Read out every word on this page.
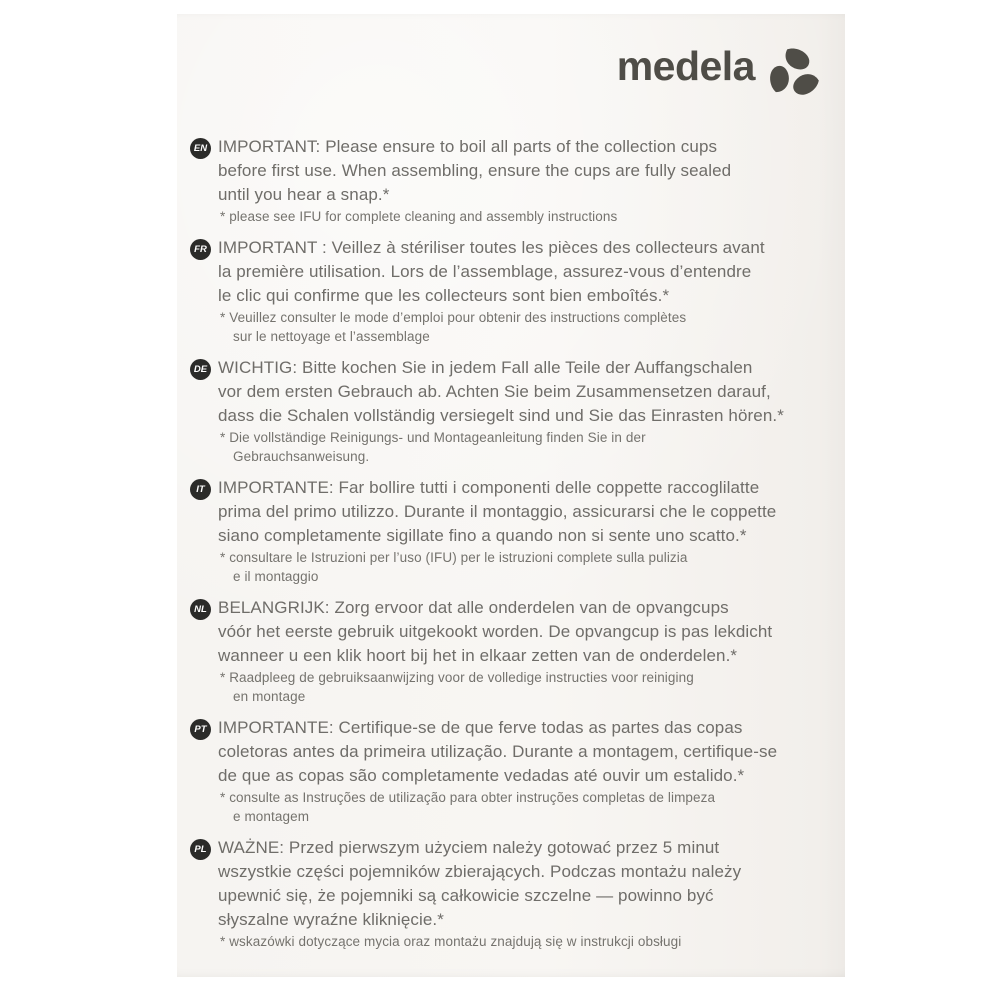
medela
EN IMPORTANT: Please ensure to boil all parts of the collection cups
before first use. When assembling, ensure the cups are fully sealed
until you hear a snap.*
* please see IFU for complete cleaning and assembly instructions
FR IMPORTANT : Veillez à stériliser toutes les pièces des collecteurs avant
la première utilisation. Lors de l’assemblage, assurez-vous d’entendre
le clic qui confirme que les collecteurs sont bien emboîtés.*
* Veuillez consulter le mode d’emploi pour obtenir des instructions complètes
sur le nettoyage et l’assemblage
DE WICHTIG: Bitte kochen Sie in jedem Fall alle Teile der Auffangschalen
vor dem ersten Gebrauch ab. Achten Sie beim Zusammensetzen darauf,
dass die Schalen vollständig versiegelt sind und Sie das Einrasten hören.*
* Die vollständige Reinigungs- und Montageanleitung finden Sie in der
Gebrauchsanweisung.
IT IMPORTANTE: Far bollire tutti i componenti delle coppette raccoglilatte
prima del primo utilizzo. Durante il montaggio, assicurarsi che le coppette
siano completamente sigillate fino a quando non si sente uno scatto.*
* consultare le Istruzioni per l’uso (IFU) per le istruzioni complete sulla pulizia
e il montaggio
NL BELANGRIJK: Zorg ervoor dat alle onderdelen van de opvangcups
vóór het eerste gebruik uitgekookt worden. De opvangcup is pas lekdicht
wanneer u een klik hoort bij het in elkaar zetten van de onderdelen.*
* Raadpleeg de gebruiksaanwijzing voor de volledige instructies voor reiniging
en montage
PT IMPORTANTE: Certifique-se de que ferve todas as partes das copas
coletoras antes da primeira utilização. Durante a montagem, certifique-se
de que as copas são completamente vedadas até ouvir um estalido.*
* consulte as Instruções de utilização para obter instruções completas de limpeza
e montagem
PL WAŻNE: Przed pierwszym użyciem należy gotować przez 5 minut
wszystkie części pojemników zbierających. Podczas montażu należy
upewnić się, że pojemniki są całkowicie szczelne — powinno być
słyszalne wyraźne kliknięcie.*
* wskazówki dotyczące mycia oraz montażu znajdują się w instrukcji obsługi
